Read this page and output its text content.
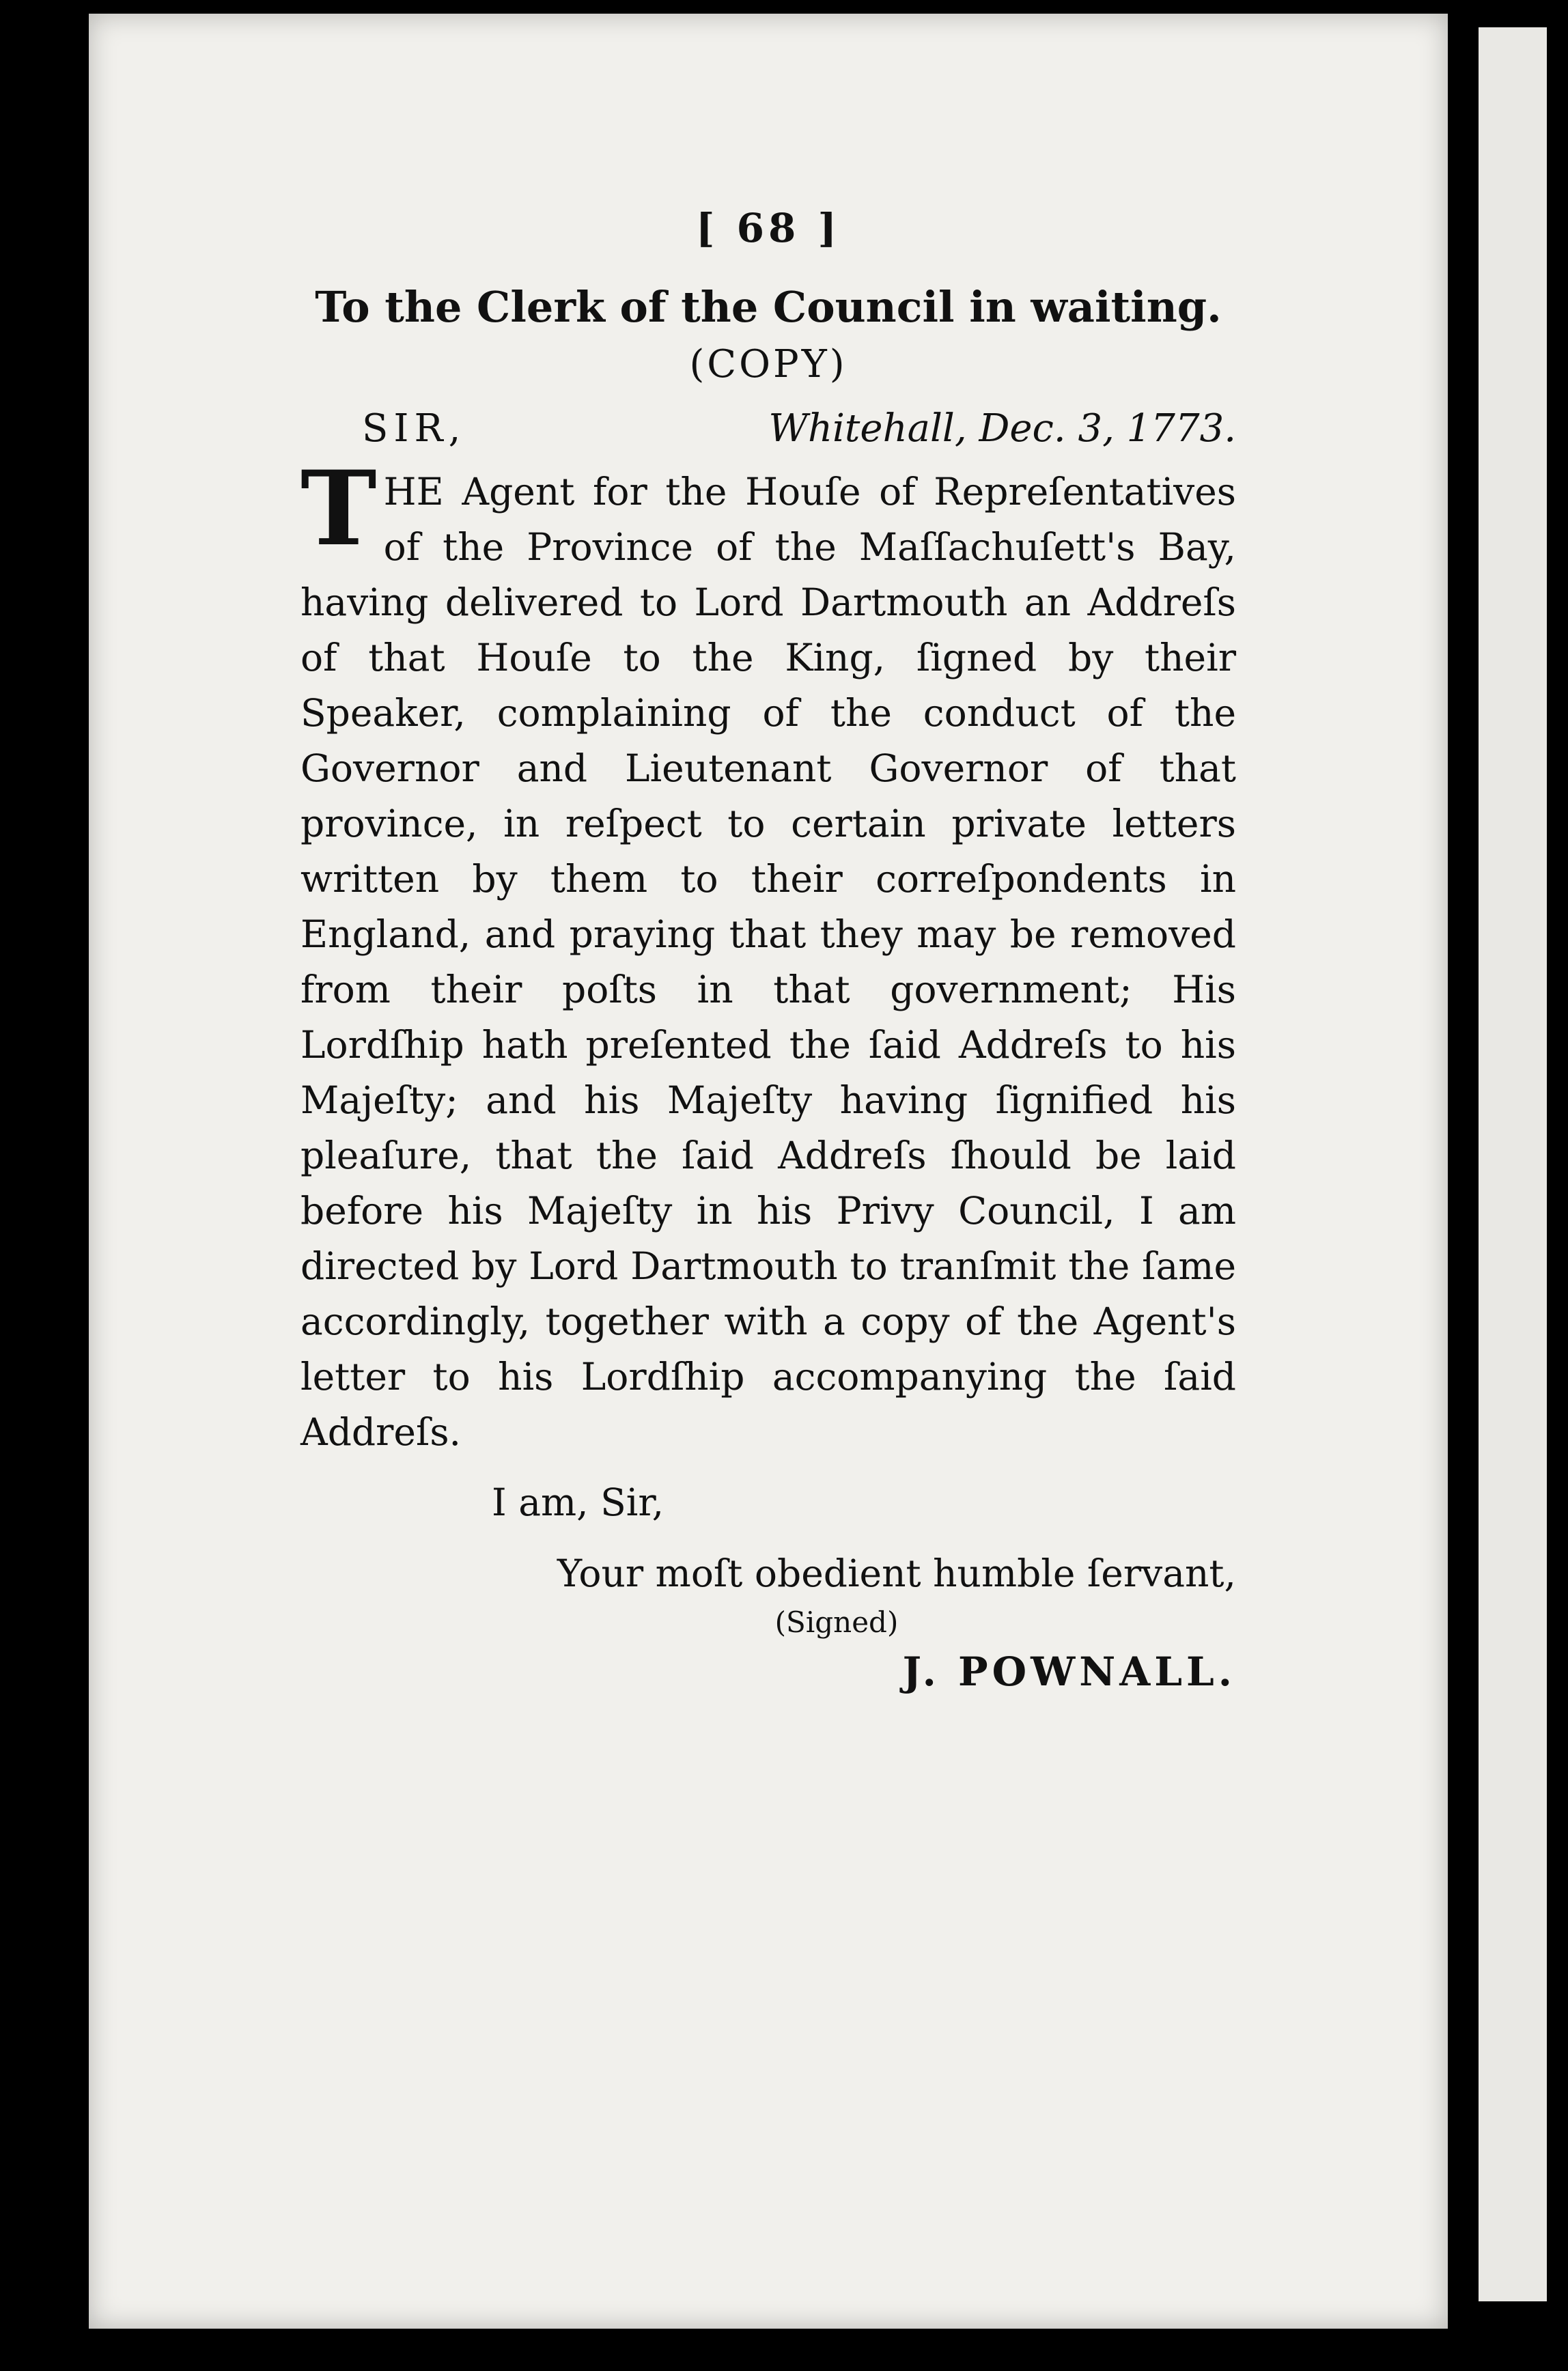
[ 68 ]
To the Clerk of the Council in waiting.
(COPY)
SIR,	Whitehall, Dec. 3, 1773.
T HE Agent for the Houſe of Repreſentatives of the Province of the Maſſachuſett's Bay, having delivered to Lord Dartmouth an Addreſs of that Houſe to the King, ſigned by their Speaker, complaining of the conduct of the Governor and Lieutenant Governor of that province, in reſpect to certain private letters written by them to their correſpondents in England, and praying that they may be removed from their poſts in that government; His Lordſhip hath preſented the ſaid Addreſs to his Majeſty; and his Majeſty having ſignified his pleaſure, that the ſaid Addreſs ſhould be laid before his Majeſty in his Privy Council, I am directed by Lord Dartmouth to tranſmit the ſame accordingly, together with a copy of the Agent's letter to his Lordſhip accompanying the ſaid Addreſs.
I am, Sir,
Your moſt obedient humble ſervant,
(Signed)
J. POWNALL.
